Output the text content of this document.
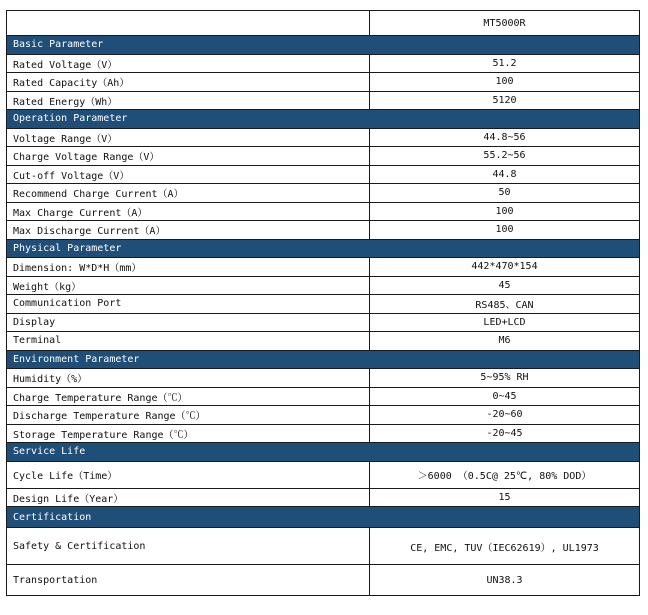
	MT5000R
Basic Parameter	
Rated Voltage（V）	51.2
Rated Capacity（Ah）	100
Rated Energy（Wh）	5120
Operation Parameter	
Voltage Range（V）	44.8~56
Charge Voltage Range（V）	55.2~56
Cut-off Voltage（V）	44.8
Recommend Charge Current（A）	50
Max Charge Current（A）	100
Max Discharge Current（A）	100
Physical Parameter	
Dimension: W*D*H（mm）	442*470*154
Weight（kg）	45
Communication Port	RS485、CAN
Display	LED+LCD
Terminal	M6
Environment Parameter	
Humidity（%）	5~95% RH
Charge Temperature Range（℃）	0~45
Discharge Temperature Range（℃）	-20~60
Storage Temperature Range（℃）	-20~45
Service Life	
Cycle Life（Time）	＞6000 （0.5C@ 25℃, 80% DOD）
Design Life（Year）	15
Certification	
Safety & Certification	CE, EMC, TUV（IEC62619）, UL1973
Transportation	UN38.3
